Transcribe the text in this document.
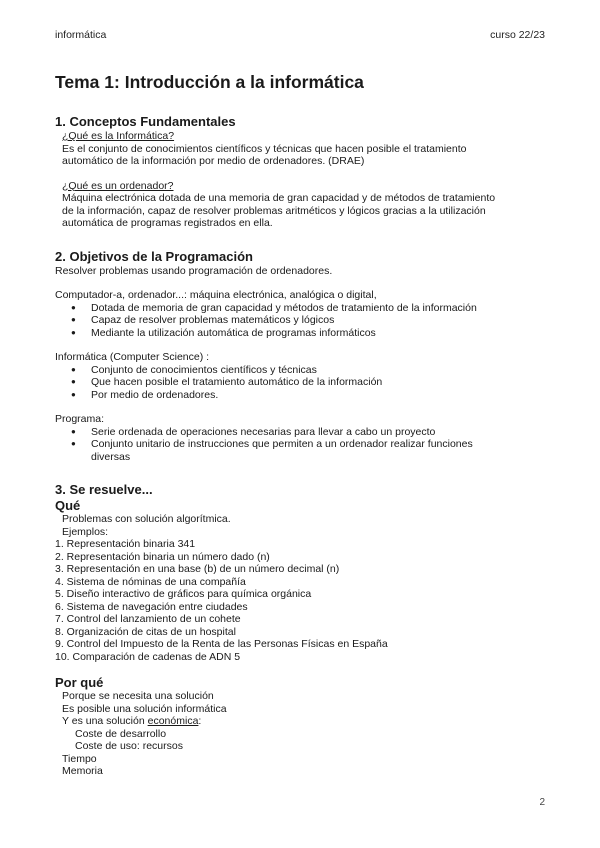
informática	curso 22/23
Tema 1: Introducción a la informática
1. Conceptos Fundamentales

¿Qué es la Informática?

Es el conjunto de conocimientos científicos y técnicas que hacen posible el tratamiento

automático de la información por medio de ordenadores. (DRAE)

¿Qué es un ordenador?

Máquina electrónica dotada de una memoria de gran capacidad y de métodos de tratamiento

de la información, capaz de resolver problemas aritméticos y lógicos gracias a la utilización

automática de programas registrados en ella.

2. Objetivos de la Programación

Resolver problemas usando programación de ordenadores.

Computador-a, ordenador...: máquina electrónica, analógica o digital,

● Dotada de memoria de gran capacidad y métodos de tratamiento de la información
● Capaz de resolver problemas matemáticos y lógicos
● Mediante la utilización automática de programas informáticos

Informática (Computer Science) :

● Conjunto de conocimientos científicos y técnicas
● Que hacen posible el tratamiento automático de la información
● Por medio de ordenadores.

Programa:

● Serie ordenada de operaciones necesarias para llevar a cabo un proyecto
● Conjunto unitario de instrucciones que permiten a un ordenador realizar funciones

diversas

3. Se resuelve...
Qué

Problemas con solución algorítmica.

Ejemplos:

1. Representación binaria 341

2. Representación binaria un número dado (n)

3. Representación en una base (b) de un número decimal (n)

4. Sistema de nóminas de una compañía

5. Diseño interactivo de gráficos para química orgánica

6. Sistema de navegación entre ciudades

7. Control del lanzamiento de un cohete

8. Organización de citas de un hospital

9. Control del Impuesto de la Renta de las Personas Físicas en España

10. Comparación de cadenas de ADN 5

Por qué

Porque se necesita una solución

Es posible una solución informática

Y es una solución económica:

Coste de desarrollo

Coste de uso: recursos

Tiempo

Memoria

2
